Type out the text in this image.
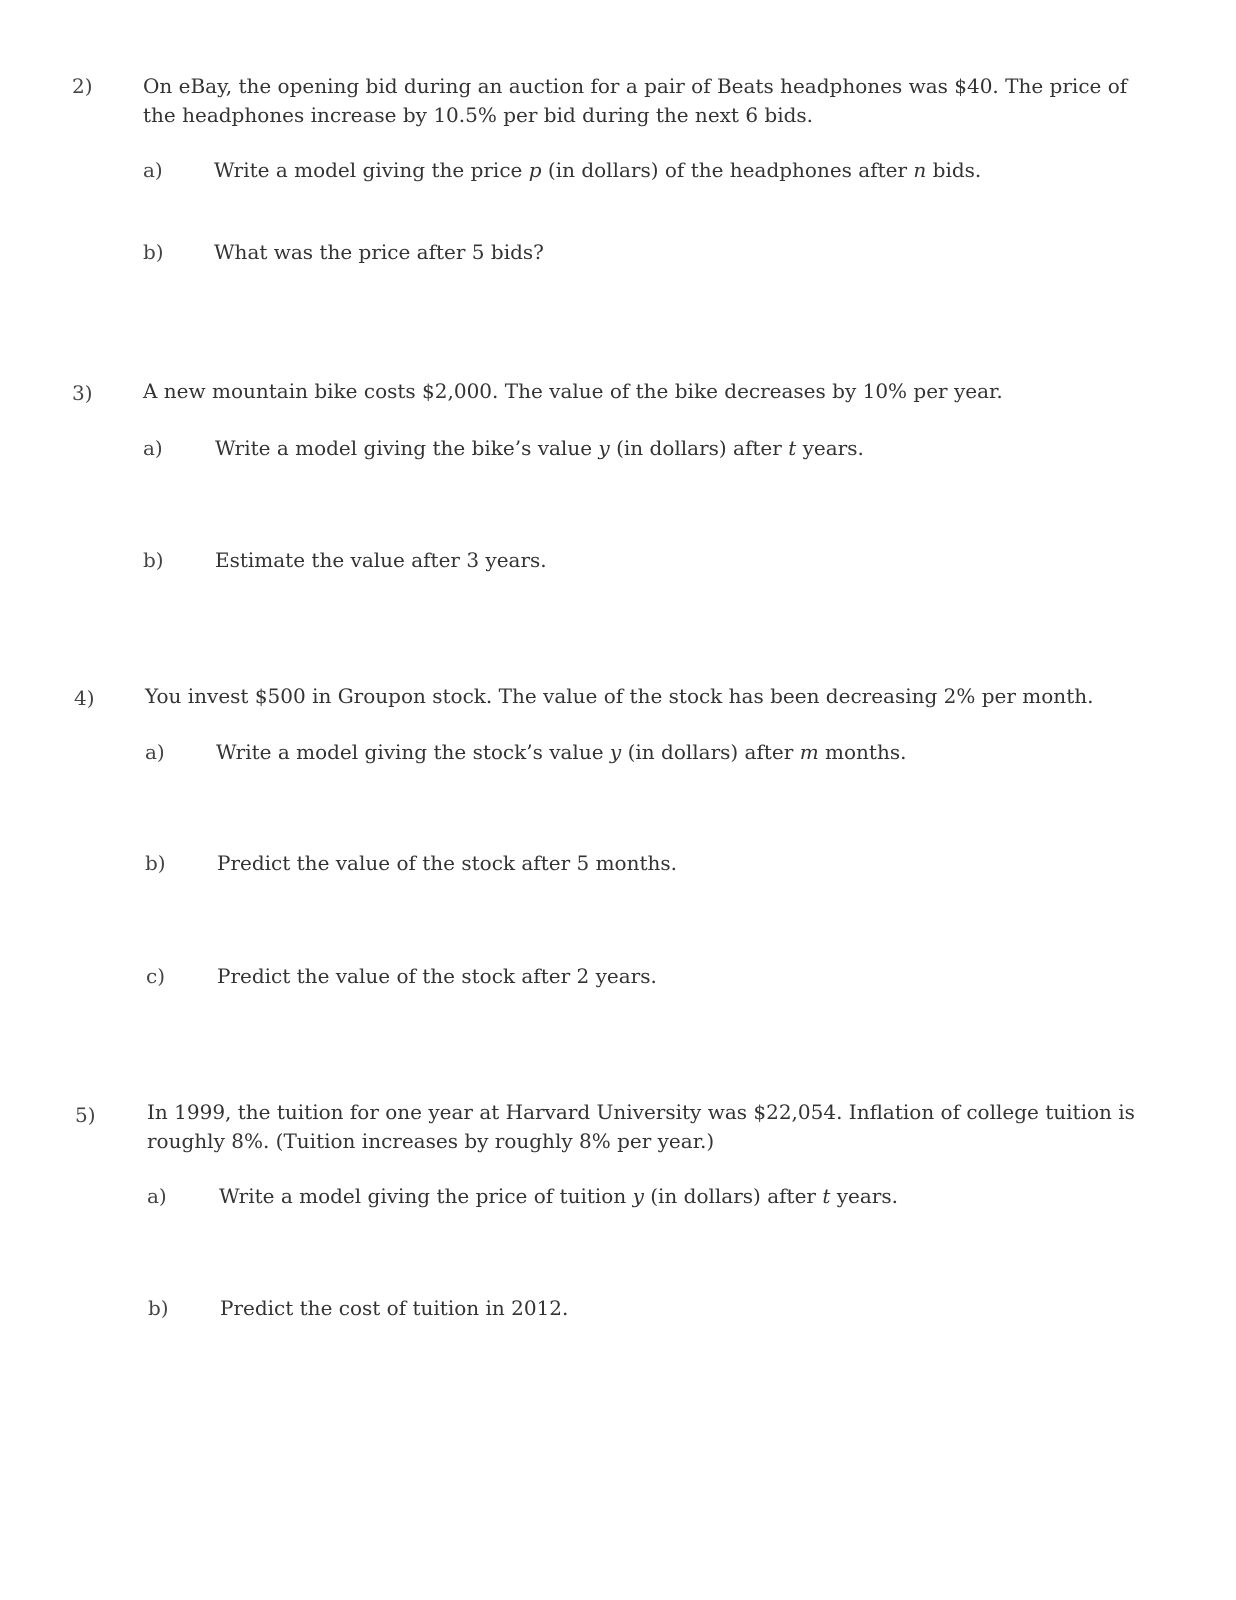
2)	On eBay, the opening bid during an auction for a pair of Beats headphones was $40. The price of the headphones increase by 10.5% per bid during the next 6 bids.
a)	Write a model giving the price p (in dollars) of the headphones after n bids.
b)	What was the price after 5 bids?
3)	A new mountain bike costs $2,000. The value of the bike decreases by 10% per year.
a)	Write a model giving the bike’s value y (in dollars) after t years.
b)	Estimate the value after 3 years.
4)	You invest $500 in Groupon stock. The value of the stock has been decreasing 2% per month.
a)	Write a model giving the stock’s value y (in dollars) after m months.
b)	Predict the value of the stock after 5 months.
c)	Predict the value of the stock after 2 years.
5)	In 1999, the tuition for one year at Harvard University was $22,054. Inflation of college tuition is
roughly 8%. (Tuition increases by roughly 8% per year.)
a)	Write a model giving the price of tuition y (in dollars) after t years.
b)	Predict the cost of tuition in 2012.
